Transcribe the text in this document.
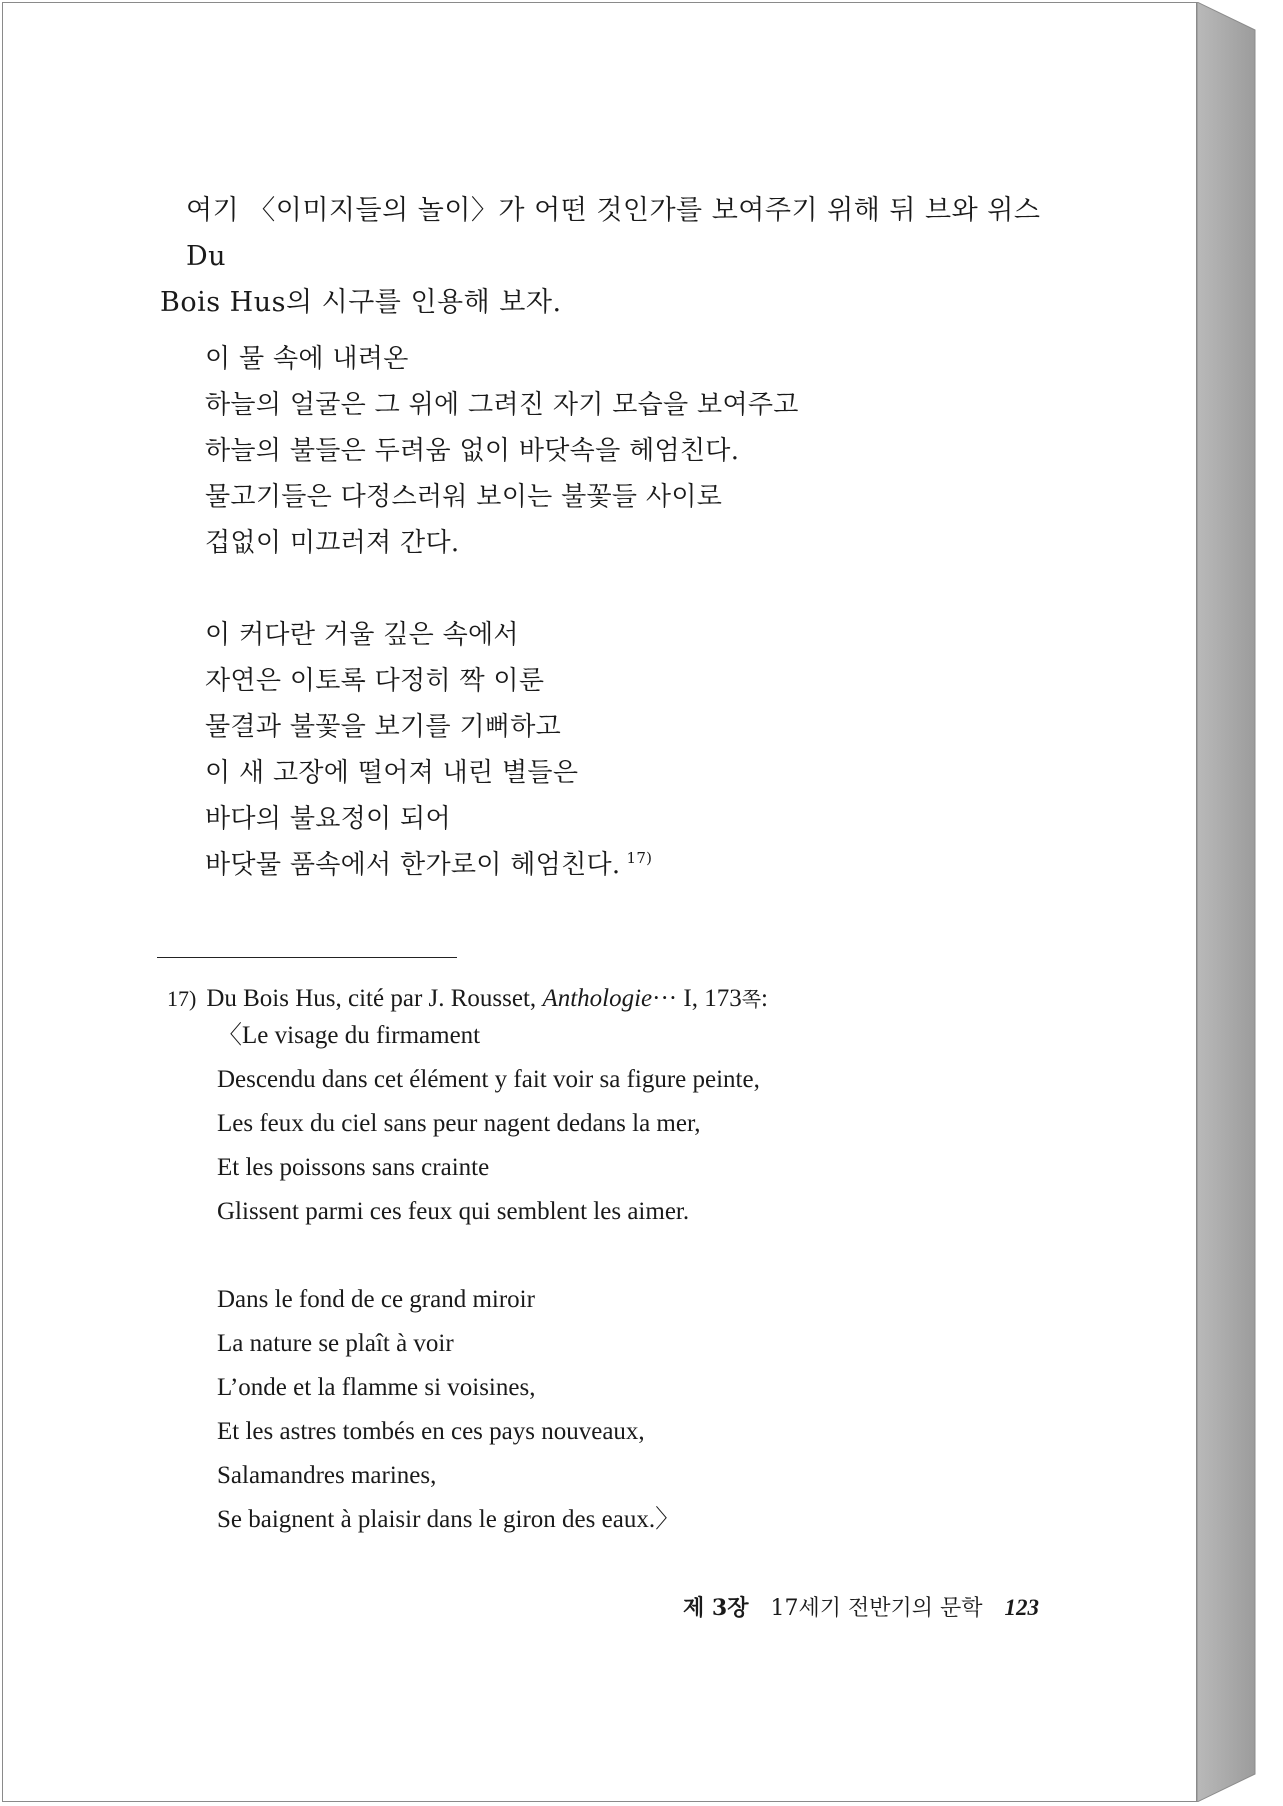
여기 〈이미지들의 놀이〉가 어떤 것인가를 보여주기 위해 뒤 브와 위스Du
Bois Hus의 시구를 인용해 보자.
이 물 속에 내려온
하늘의 얼굴은 그 위에 그려진 자기 모습을 보여주고
하늘의 불들은 두려움 없이 바닷속을 헤엄친다.
물고기들은 다정스러워 보이는 불꽃들 사이로
겁없이 미끄러져 간다.
이 커다란 거울 깊은 속에서
자연은 이토록 다정히 짝 이룬
물결과 불꽃을 보기를 기뻐하고
이 새 고장에 떨어져 내린 별들은
바다의 불요정이 되어
바닷물 품속에서 한가로이 헤엄친다. $^{17)}$
17) Du Bois Hus, cité par J. Rousset, Anthologie··· I, 173쪽:
〈Le visage du firmament
Descendu dans cet élément y fait voir sa figure peinte,
Les feux du ciel sans peur nagent dedans la mer,
Et les poissons sans crainte
Glissent parmi ces feux qui semblent les aimer.
Dans le fond de ce grand miroir
La nature se plaît à voir
L’onde et la flamme si voisines,
Et les astres tombés en ces pays nouveaux,
Salamandres marines,
Se baignent à plaisir dans le giron des eaux.〉
제 3장 17세기 전반기의 문학 123
